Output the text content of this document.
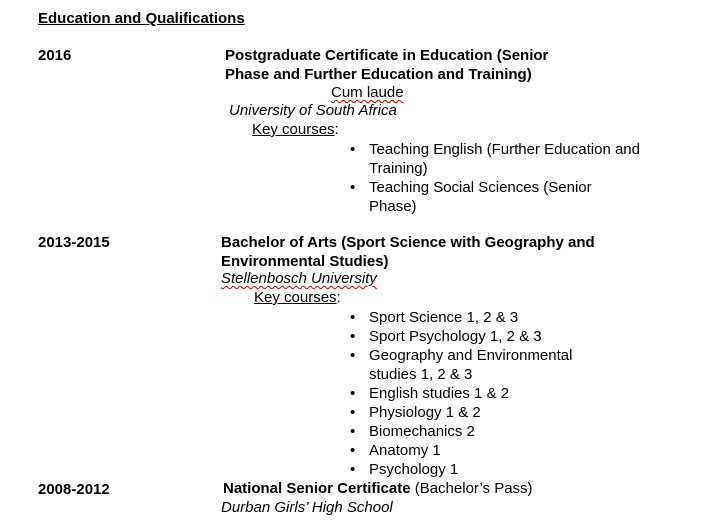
Education and Qualifications
2016	Postgraduate Certificate in Education (Senior
Phase and Further Education and Training)
Cum laude
University of South Africa
Key courses:
• Teaching English (Further Education and Training)
• Teaching Social Sciences (Senior Phase)
2013-2015	Bachelor of Arts (Sport Science with Geography and
Environmental Studies)
Stellenbosch University
Key courses:
• Sport Science 1, 2 & 3
• Sport Psychology 1, 2 & 3
• Geography and Environmental studies 1, 2 & 3
• English studies 1 & 2
• Physiology 1 & 2
• Biomechanics 2
• Anatomy 1
• Psychology 1
2008-2012	National Senior Certificate (Bachelor’s Pass)
Durban Girls’ High School
